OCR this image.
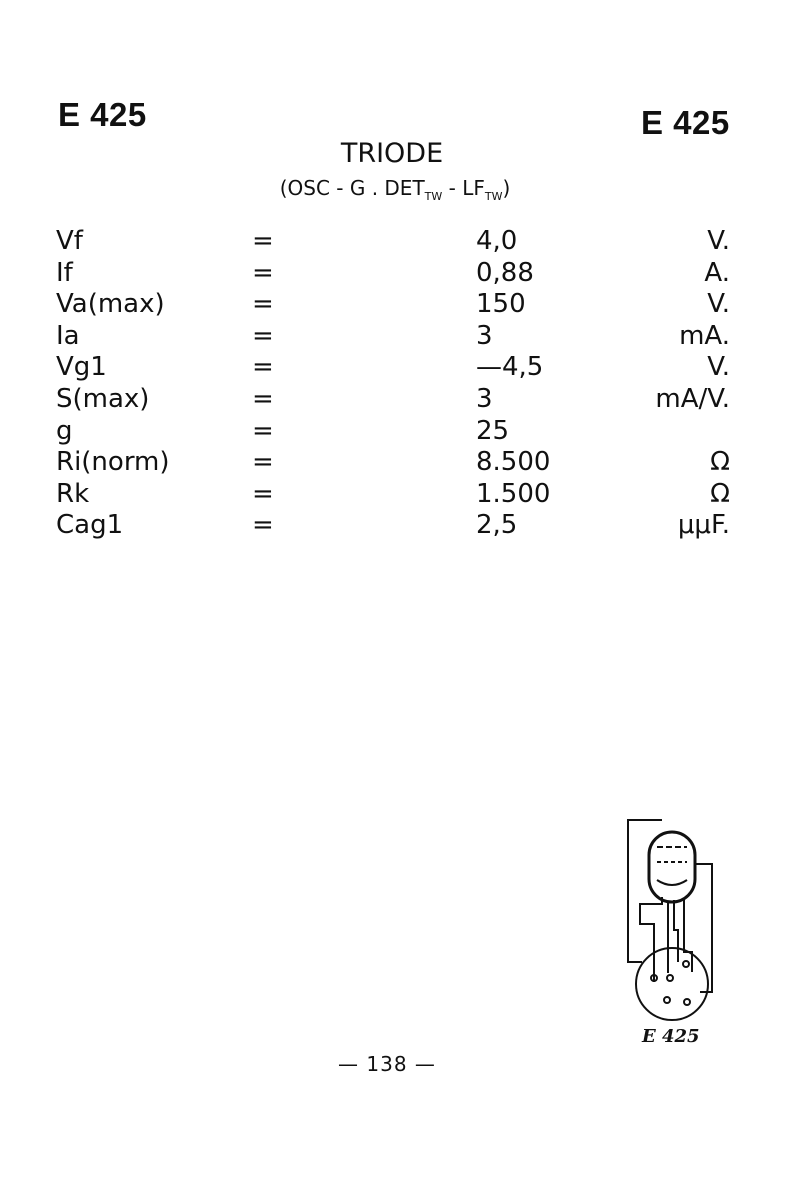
E 425	E 425
TRIODE
(OSC - G . $DET_{TW} - LF_{TW}$)
Vf	=	4,0	V.
If	=	0,88	A.
Va(max)	=	150	V.
Ia	=	3	mA.
Vg1	=	—4,5	V.
S(max)	=	3	mA/V.
g	=	25
Ri(norm)	=	8.500	Ω
Rk	=	1.500	Ω
Cag1	=	2,5	μμF.
E 425
— 138 —
